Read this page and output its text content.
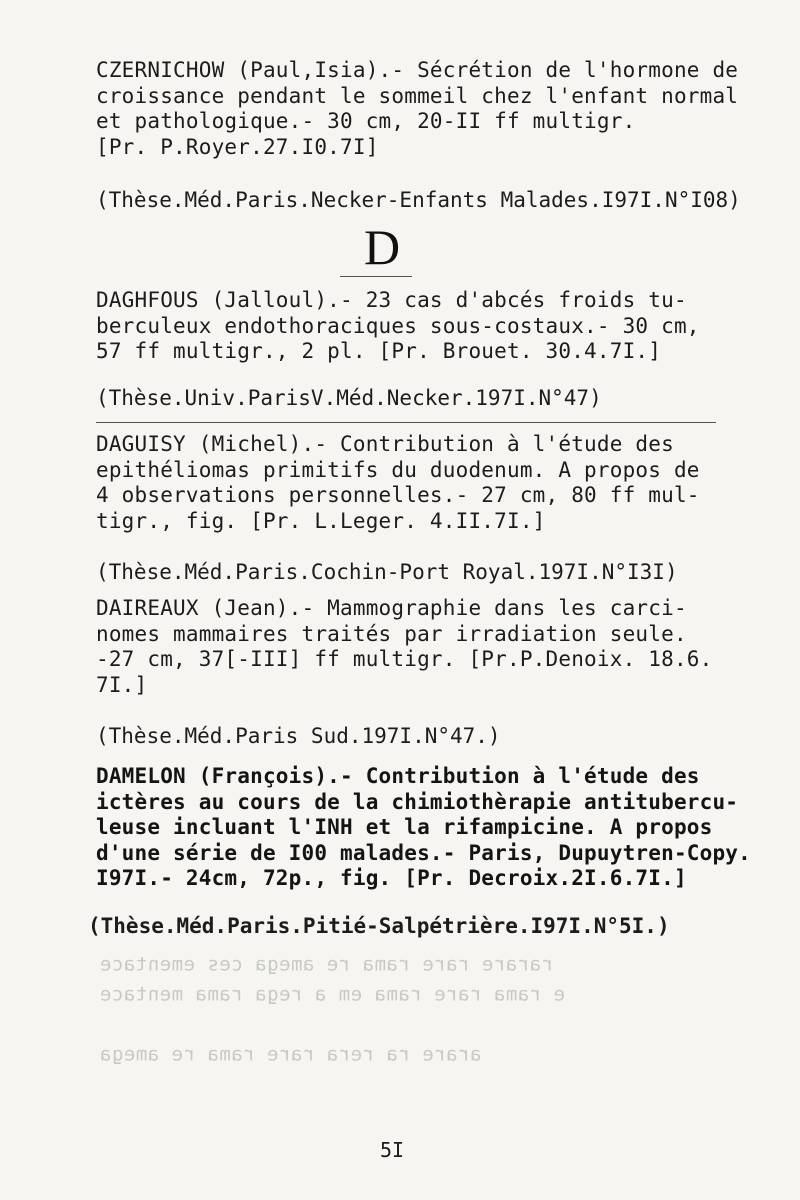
ǝɔɐʇuǝɯǝ sǝɔ ɐƃǝɯɐ ǝɹ ɐɯɐɹ ǝɹɐɹ ǝɹɐɹɐɹ
ǝɔɐʇuǝɯ ɐɯɐɹ ɐƃǝɹ ɐ ɯǝ ɐɯɐɹ ǝɹɐɹ ɐɯɐɹ ǝ
ɐƃǝɯɐ ǝɹ ɐɯɐɹ ǝɹɐɹ ɐɹǝɹ ɐɹ ǝɹɐɹɐ
CZERNICHOW (Paul,Isia).- Sécrétion de l'hormone de
croissance pendant le sommeil chez l'enfant normal
et pathologique.- 30 cm, 20-II ff multigr.
[Pr. P.Royer.27.I0.7I]
(Thèse.Méd.Paris.Necker-Enfants Malades.I97I.N°I08)
D
DAGHFOUS (Jalloul).- 23 cas d'abcés froids tu-
berculeux endothoraciques sous-costaux.- 30 cm,
57 ff multigr., 2 pl. [Pr. Brouet. 30.4.7I.]
(Thèse.Univ.ParisV.Méd.Necker.197I.N°47)
DAGUISY (Michel).- Contribution à l'étude des
epithéliomas primitifs du duodenum. A propos de
4 observations personnelles.- 27 cm, 80 ff mul-
tigr., fig. [Pr. L.Leger. 4.II.7I.]
(Thèse.Méd.Paris.Cochin-Port Royal.197I.N°I3I)
DAIREAUX (Jean).- Mammographie dans les carci-
nomes mammaires traités par irradiation seule.
-27 cm, 37[-III] ff multigr. [Pr.P.Denoix. 18.6.
7I.]
(Thèse.Méd.Paris Sud.197I.N°47.)
DAMELON (François).- Contribution à l'étude des
ictères au cours de la chimiothèrapie antitubercu-
leuse incluant l'INH et la rifampicine. A propos
d'une série de I00 malades.- Paris, Dupuytren-Copy.
I97I.- 24cm, 72p., fig. [Pr. Decroix.2I.6.7I.]
(Thèse.Méd.Paris.Pitié-Salpétrière.I97I.N°5I.)
5I
